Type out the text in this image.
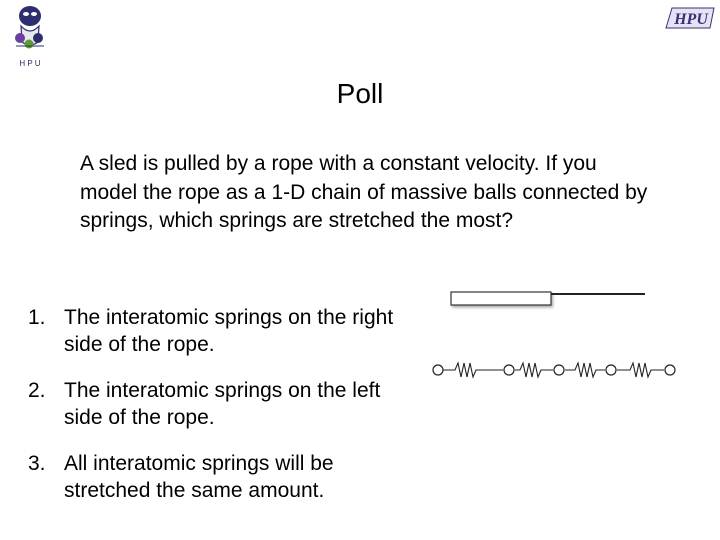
H P U
HPU
Poll
A sled is pulled by a rope with a constant velocity. If you model the rope as a 1-D chain of massive balls connected by springs, which springs are stretched the most?
1. The interatomic springs on the right side of the rope.
2. The interatomic springs on the left side of the rope.
3. All interatomic springs will be stretched the same amount.
